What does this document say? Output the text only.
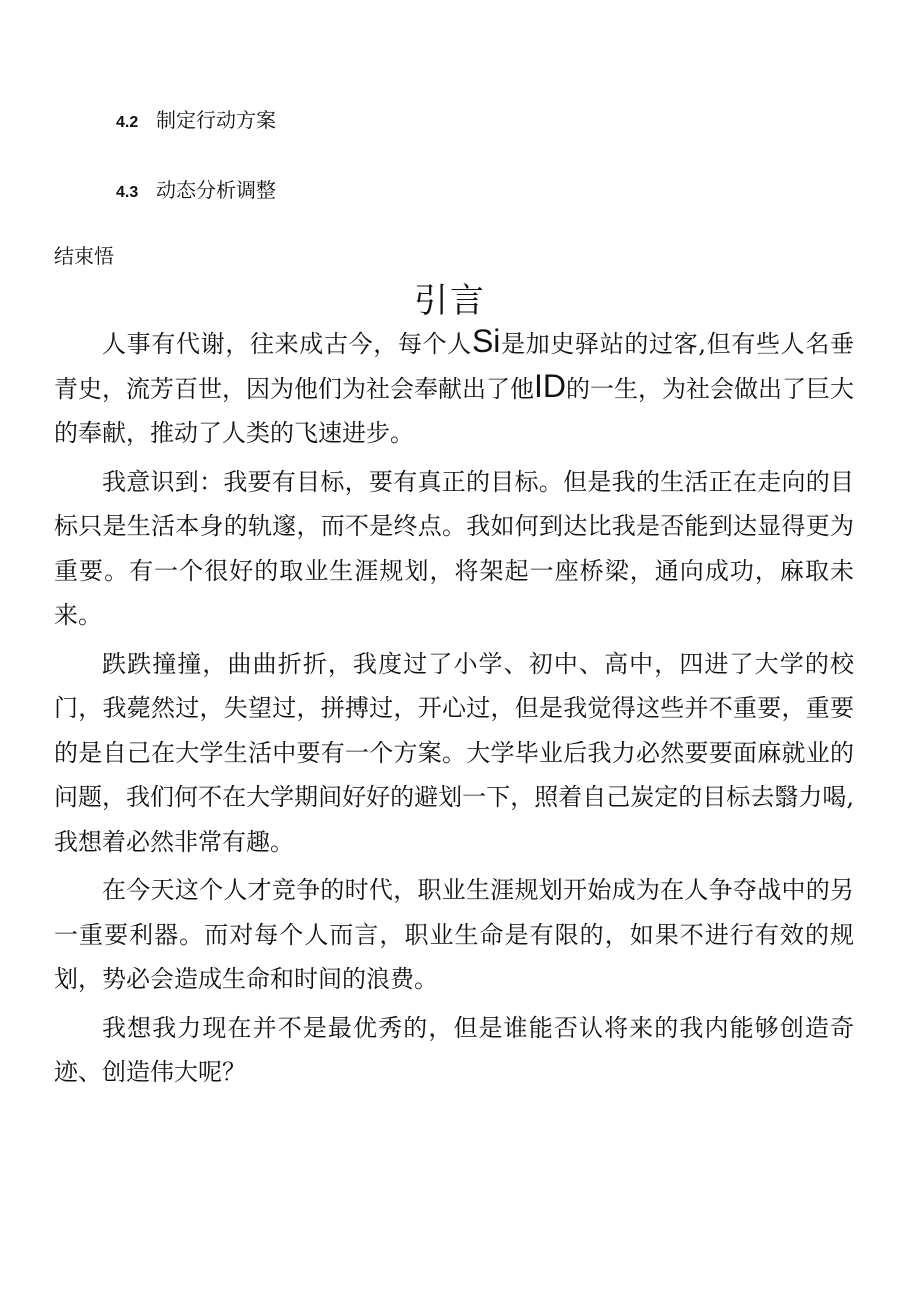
4.2 制定行动方案
4.3 动态分析调整
结束悟
引言

人事有代谢，往来成古今，每个人Si是加史驿站的过客,但有些人名垂青史，流芳百世，因为他们为社会奉献出了他ID的一生，为社会做出了巨大的奉献，推动了人类的飞速进步。

我意识到：我要有目标，要有真正的目标。但是我的生活正在走向的目标只是生活本身的轨邃，而不是终点。我如何到达比我是否能到达显得更为重要。有一个很好的取业生涯规划，将架起一座桥梁，通向成功，麻取未来。

跌跌撞撞，曲曲折折，我度过了小学、初中、高中，四进了大学的校门，我薨然过，失望过，拼搏过，开心过，但是我觉得这些并不重要，重要的是自己在大学生活中要有一个方案。大学毕业后我力必然要要面麻就业的问题，我们何不在大学期间好好的避划一下，照着自己炭定的目标去翳力喝,我想着必然非常有趣。

在今天这个人才竞争的时代，职业生涯规划开始成为在人争夺战中的另一重要利器。而对每个人而言，职业生命是有限的，如果不进行有效的规划，势必会造成生命和时间的浪费。

我想我力现在并不是最优秀的，但是谁能否认将来的我内能够创造奇迹、创造伟大呢？
